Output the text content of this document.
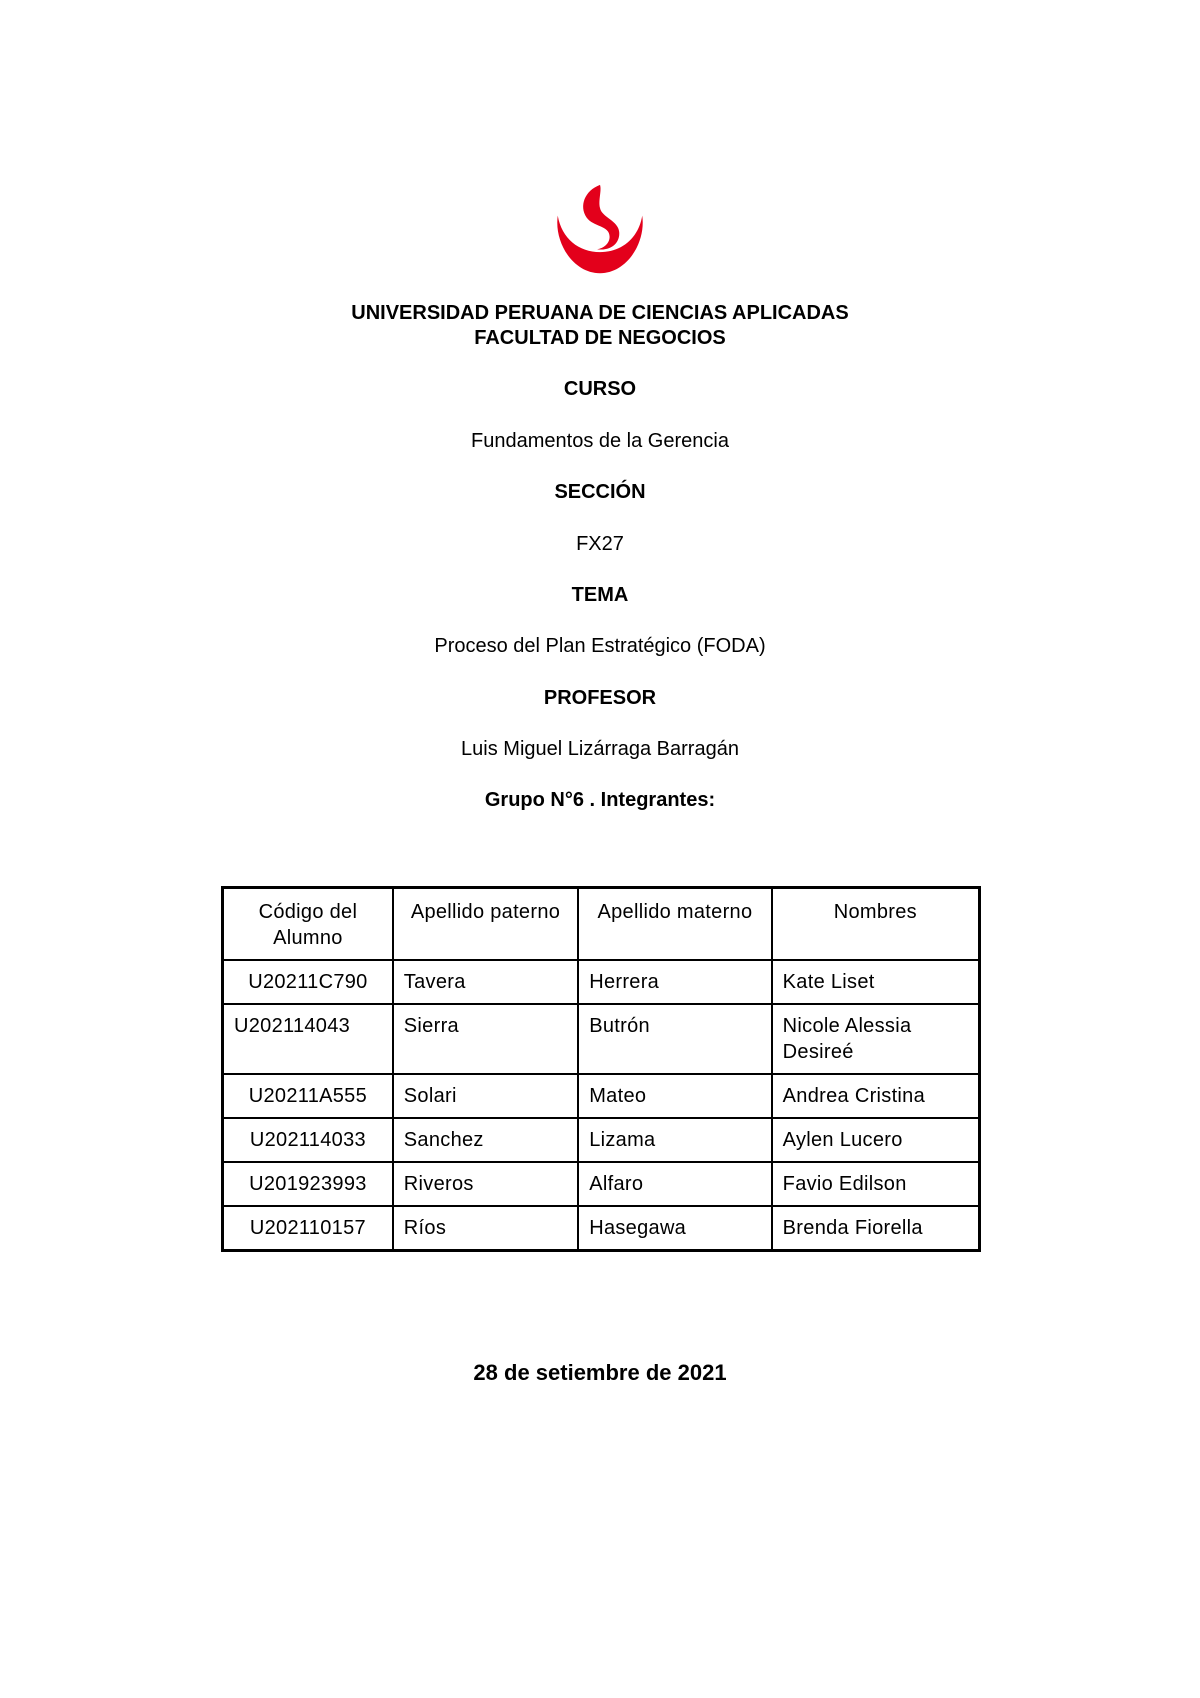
UNIVERSIDAD PERUANA DE CIENCIAS APLICADAS
FACULTAD DE NEGOCIOS
CURSO
Fundamentos de la Gerencia
SECCIÓN
FX27
TEMA
Proceso del Plan Estratégico (FODA)
PROFESOR
Luis Miguel Lizárraga Barragán
Grupo N°6 . Integrantes:
Código del Alumno	Apellido paterno	Apellido materno	Nombres
U20211C790	Tavera	Herrera	Kate Liset
U202114043	Sierra	Butrón	Nicole Alessia Desireé
U20211A555	Solari	Mateo	Andrea Cristina
U202114033	Sanchez	Lizama	Aylen Lucero
U201923993	Riveros	Alfaro	Favio Edilson
U202110157	Ríos	Hasegawa	Brenda Fiorella
28 de setiembre de 2021
